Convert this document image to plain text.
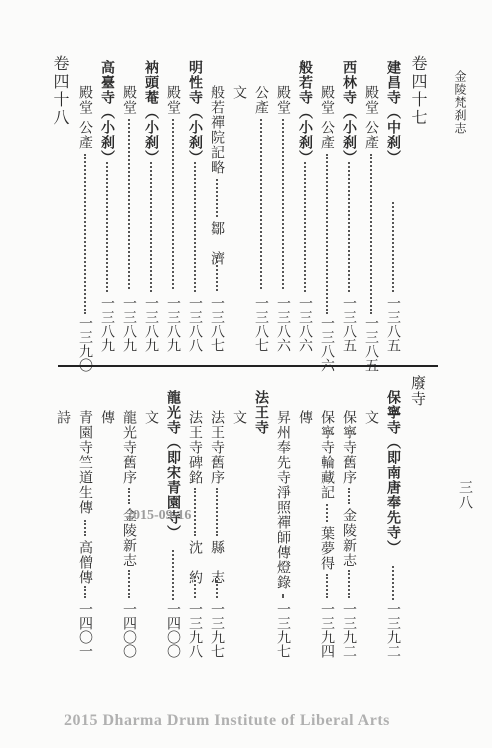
金陵梵刹志
三八
卷四十七
建昌寺（中刹）
一三八五
殿堂
公產
一三八五
西林寺（小刹）
一三八五
殿堂
公產
一三八六
般若寺（小刹）
一三八六
殿堂
一三八六
公產
一三八七
文
般若禪院記略
鄒　濟
一三八七
明性寺（小刹）
一三八八
殿堂
一三八九
衲頭菴（小刹）
一三八九
殿堂
一三八九
高臺寺（小刹）
一三八九
殿堂
公產
一三九〇
卷四十八
廢寺
保寧寺（即南唐奉先寺）
一三九二
文
保寧寺舊序
金陵新志
一三九二
保寧寺輪藏記
葉夢得
一三九四
傳
昇州奉先寺淨照禪師傳燈錄
一三九七
法王寺
文
法王寺舊序
縣　志
一三九七
法王寺碑銘
沈　約
一三九八
龍光寺（即宋青園寺）
一四〇〇
文
龍光寺舊序
金陵新志
一四〇〇
傳
青園寺竺道生傳
高僧傳
一四〇一
詩
2015-09-16
2015 Dharma Drum Institute of Liberal Arts
